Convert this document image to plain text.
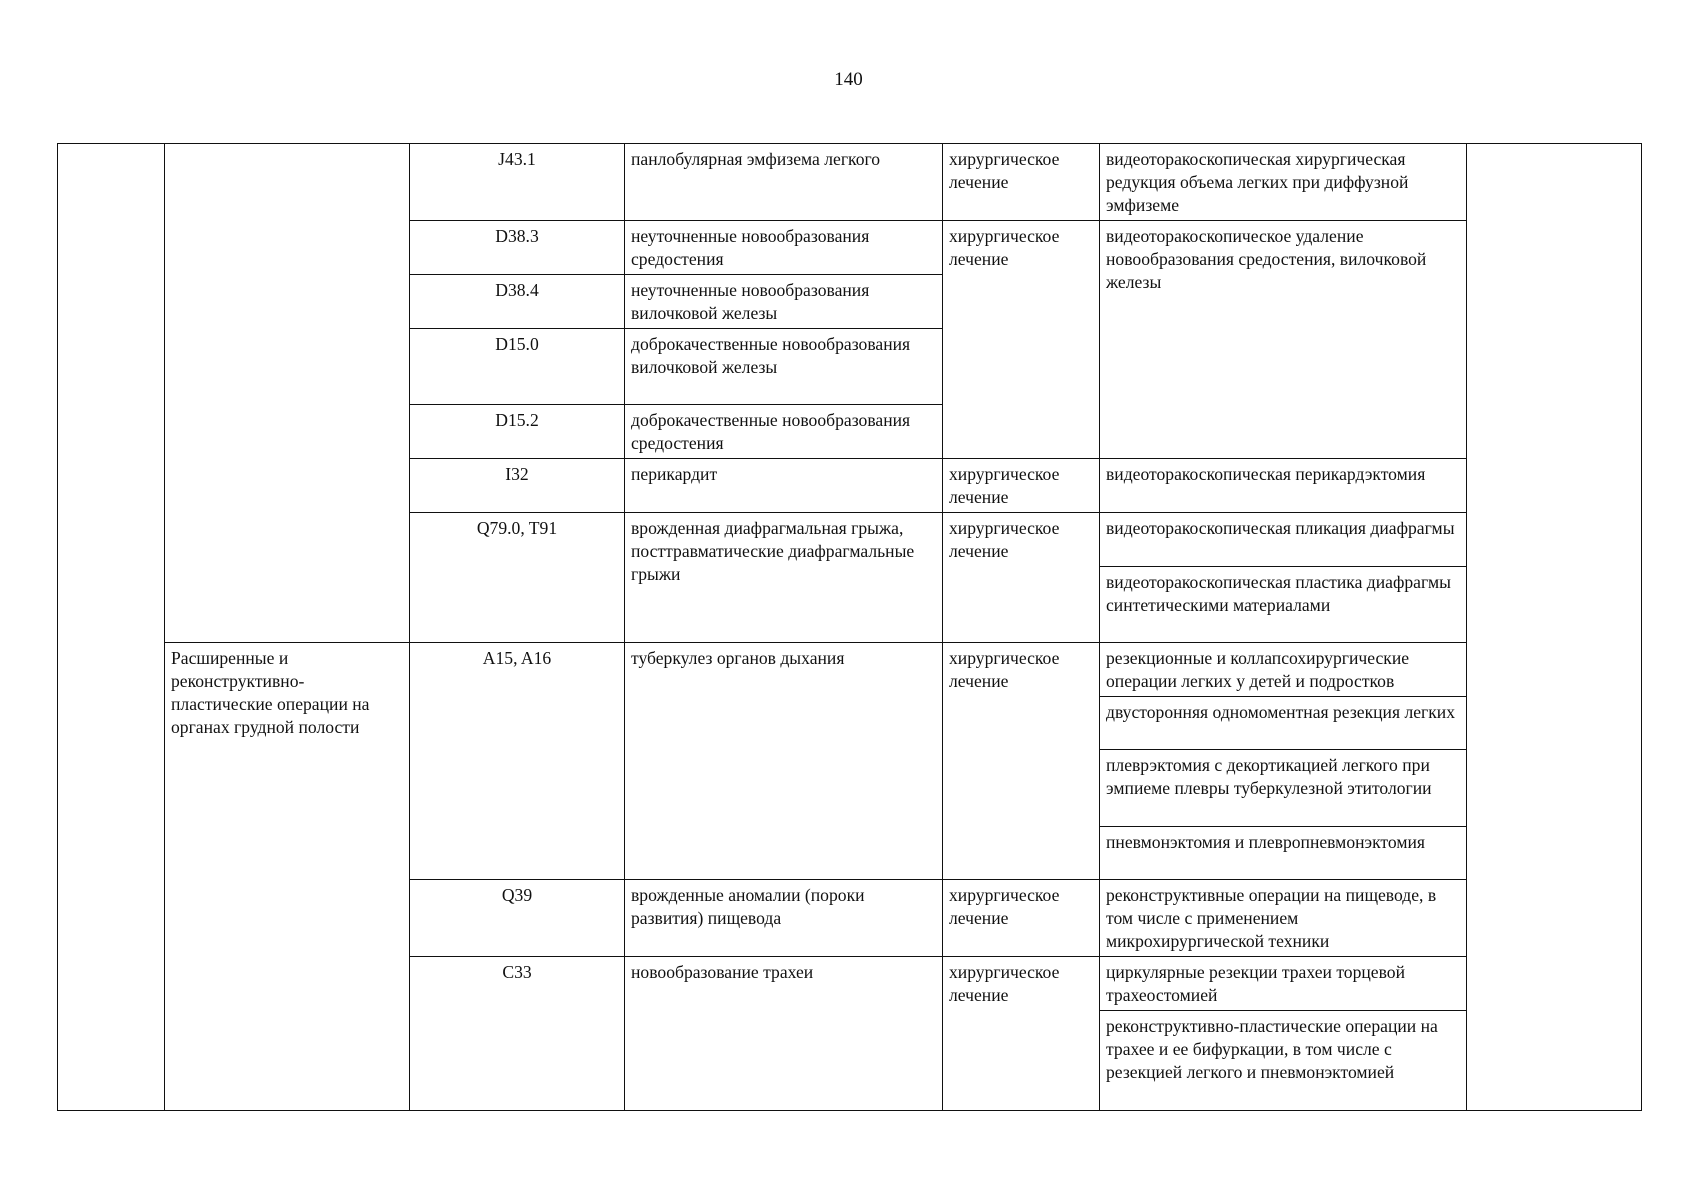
140
		J43.1	панлобулярная эмфизема легкого	хирургическое лечение	видеоторакоскопическая хирургическая редукция объема легких при диффузной эмфиземе	
		D38.3	неуточненные новообразования средостения	хирургическое лечение	видеоторакоскопическое удаление новообразования средостения, вилочковой железы	
		D38.4	неуточненные новообразования вилочковой железы			
		D15.0	доброкачественные новообразования вилочковой железы			
		D15.2	доброкачественные новообразования средостения			
		I32	перикардит	хирургическое лечение	видеоторакоскопическая перикардэктомия	
		Q79.0, T91	врожденная диафрагмальная грыжа, посттравматические диафрагмальные грыжи	хирургическое лечение	видеоторакоскопическая пликация диафрагмы	
					видеоторакоскопическая пластика диафрагмы синтетическими материалами	

	Расширенные и реконструктивно-пластические операции на органах грудной полости	A15, A16	туберкулез органов дыхания	хирургическое лечение	резекционные и коллапсохирургические операции легких у детей и подростков	
					двусторонняя одномоментная резекция легких	
					плеврэктомия с декортикацией легкого при эмпиеме плевры туберкулезной этитологии	
					пневмонэктомия и плевропневмонэктомия	
		Q39	врожденные аномалии (пороки развития) пищевода	хирургическое лечение	реконструктивные операции на пищеводе, в том числе с применением микрохирургической техники	
		C33	новообразование трахеи	хирургическое лечение	циркулярные резекции трахеи торцевой трахеостомией	
					реконструктивно-пластические операции на трахее и ее бифуркации, в том числе с резекцией легкого и пневмонэктомией	
